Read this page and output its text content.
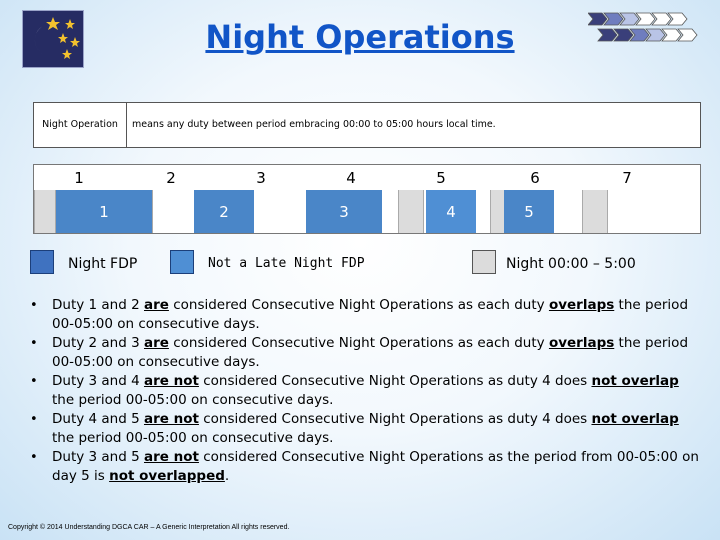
Night Operations
Night Operation	means any duty between period embracing 00:00 to 05:00 hours local time.
1	2	3	4	5	6	7
1	2	3	4	5
Night FDP	Not a Late Night FDP	Night 00:00 – 5:00
• Duty 1 and 2 are considered Consecutive Night Operations as each duty overlaps the period 00-05:00 on consecutive days.
• Duty 2 and 3 are considered Consecutive Night Operations as each duty overlaps the period 00-05:00 on consecutive days.
• Duty 3 and 4 are not considered Consecutive Night Operations as duty 4 does not overlap the period 00-05:00 on consecutive days.
• Duty 4 and 5 are not considered Consecutive Night Operations as duty 4 does not overlap the period 00-05:00 on consecutive days.
• Duty 3 and 5 are not considered Consecutive Night Operations as the period from 00-05:00 on day 5 is not overlapped.
Copyright © 2014 Understanding DGCA CAR – A Generic Interpretation All rights reserved.
